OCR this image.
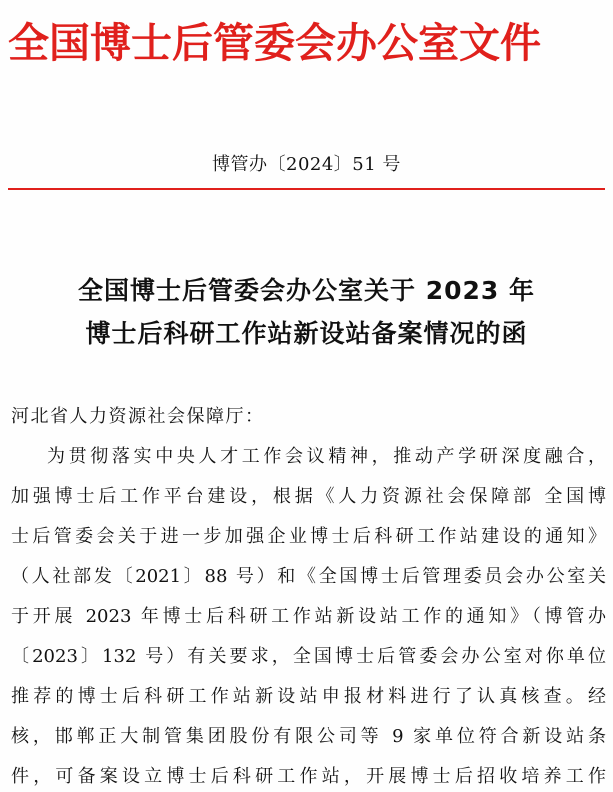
全国博士后管委会办公室文件
博管办〔2024〕51 号
全国博士后管委会办公室关于 2023 年
博士后科研工作站新设站备案情况的函
河北省人力资源社会保障厅：
为贯彻落实中央人才工作会议精神，推动产学研深度融合，
加强博士后工作平台建设，根据《人力资源社会保障部 全国博
士后管委会关于进一步加强企业博士后科研工作站建设的通知》
（人社部发〔2021〕88 号）和《全国博士后管理委员会办公室关
于开展 2023 年博士后科研工作站新设站工作的通知》（博管办
〔2023〕132 号）有关要求，全国博士后管委会办公室对你单位
推荐的博士后科研工作站新设站申报材料进行了认真核查。经
核，邯郸正大制管集团股份有限公司等 9 家单位符合新设站条
件，可备案设立博士后科研工作站，开展博士后招收培养工作
